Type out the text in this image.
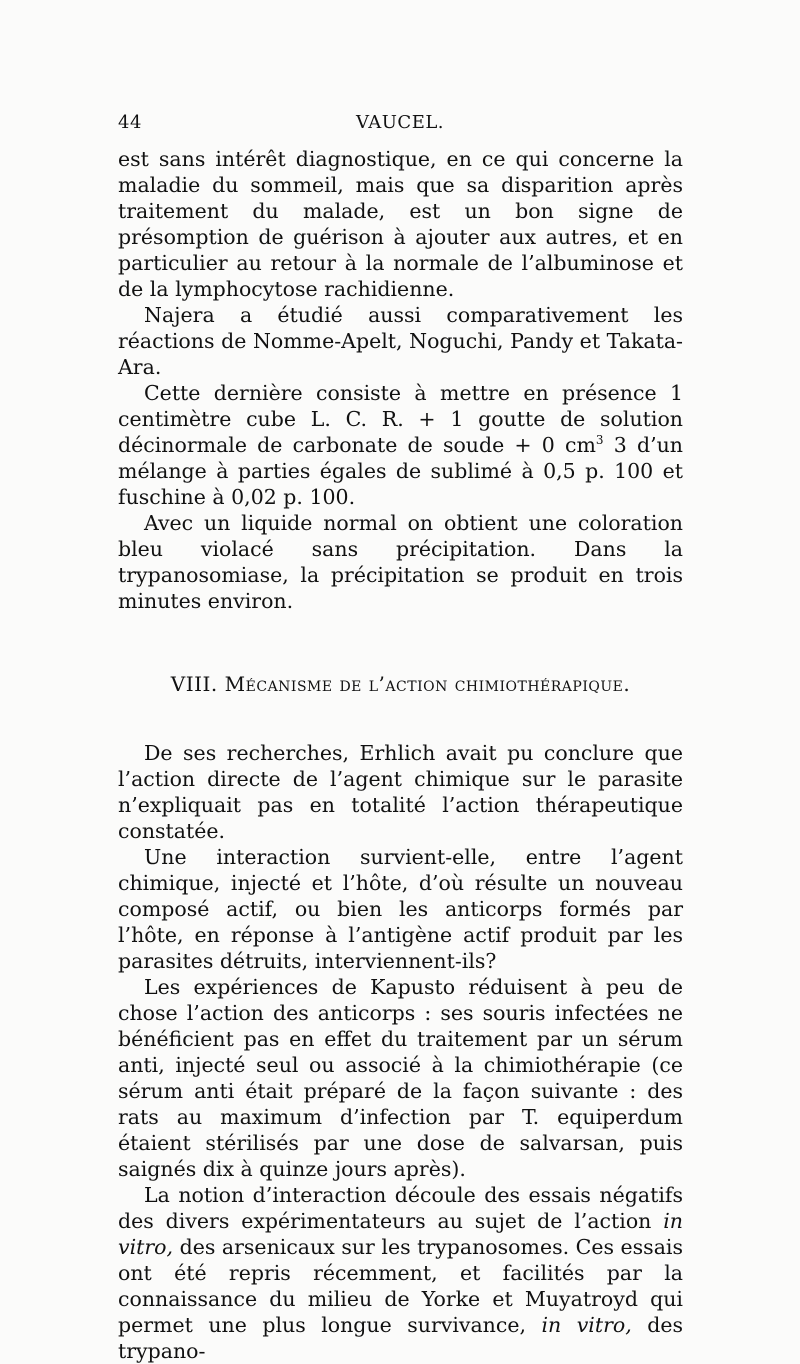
44	VAUCEL.

est sans intérêt diagnostique, en ce qui concerne la maladie du sommeil, mais que sa disparition après traitement du malade, est un bon signe de présomption de guérison à ajouter aux autres, et en particulier au retour à la normale de l’albuminose et de la lymphocytose rachidienne.

Najera a étudié aussi comparativement les réactions de Nomme-Apelt, Noguchi, Pandy et Takata-Ara.

Cette dernière consiste à mettre en présence 1 centimètre cube L. C. R. + 1 goutte de solution décinormale de carbonate de soude + 0 $cm^3$ 3 d’un mélange à parties égales de sublimé à 0,5 p. 100 et fuschine à 0,02 p. 100.

Avec un liquide normal on obtient une coloration bleu violacé sans précipitation. Dans la trypanosomiase, la précipitation se produit en trois minutes environ.

VIII. Mécanisme de l’action chimiothérapique.

De ses recherches, Erhlich avait pu conclure que l’action directe de l’agent chimique sur le parasite n’expliquait pas en totalité l’action thérapeutique constatée.

Une interaction survient-elle, entre l’agent chimique, injecté et l’hôte, d’où résulte un nouveau composé actif, ou bien les anticorps formés par l’hôte, en réponse à l’antigène actif produit par les parasites détruits, interviennent-ils?

Les expériences de Kapusto réduisent à peu de chose l’action des anticorps : ses souris infectées ne bénéficient pas en effet du traitement par un sérum anti, injecté seul ou associé à la chimiothérapie (ce sérum anti était préparé de la façon suivante : des rats au maximum d’infection par T. equiperdum étaient stérilisés par une dose de salvarsan, puis saignés dix à quinze jours après).

La notion d’interaction découle des essais négatifs des divers expérimentateurs au sujet de l’action in vitro, des arsenicaux sur les trypanosomes. Ces essais ont été repris récemment, et facilités par la connaissance du milieu de Yorke et Muyatroyd qui permet une plus longue survivance, in vitro, des trypano-
